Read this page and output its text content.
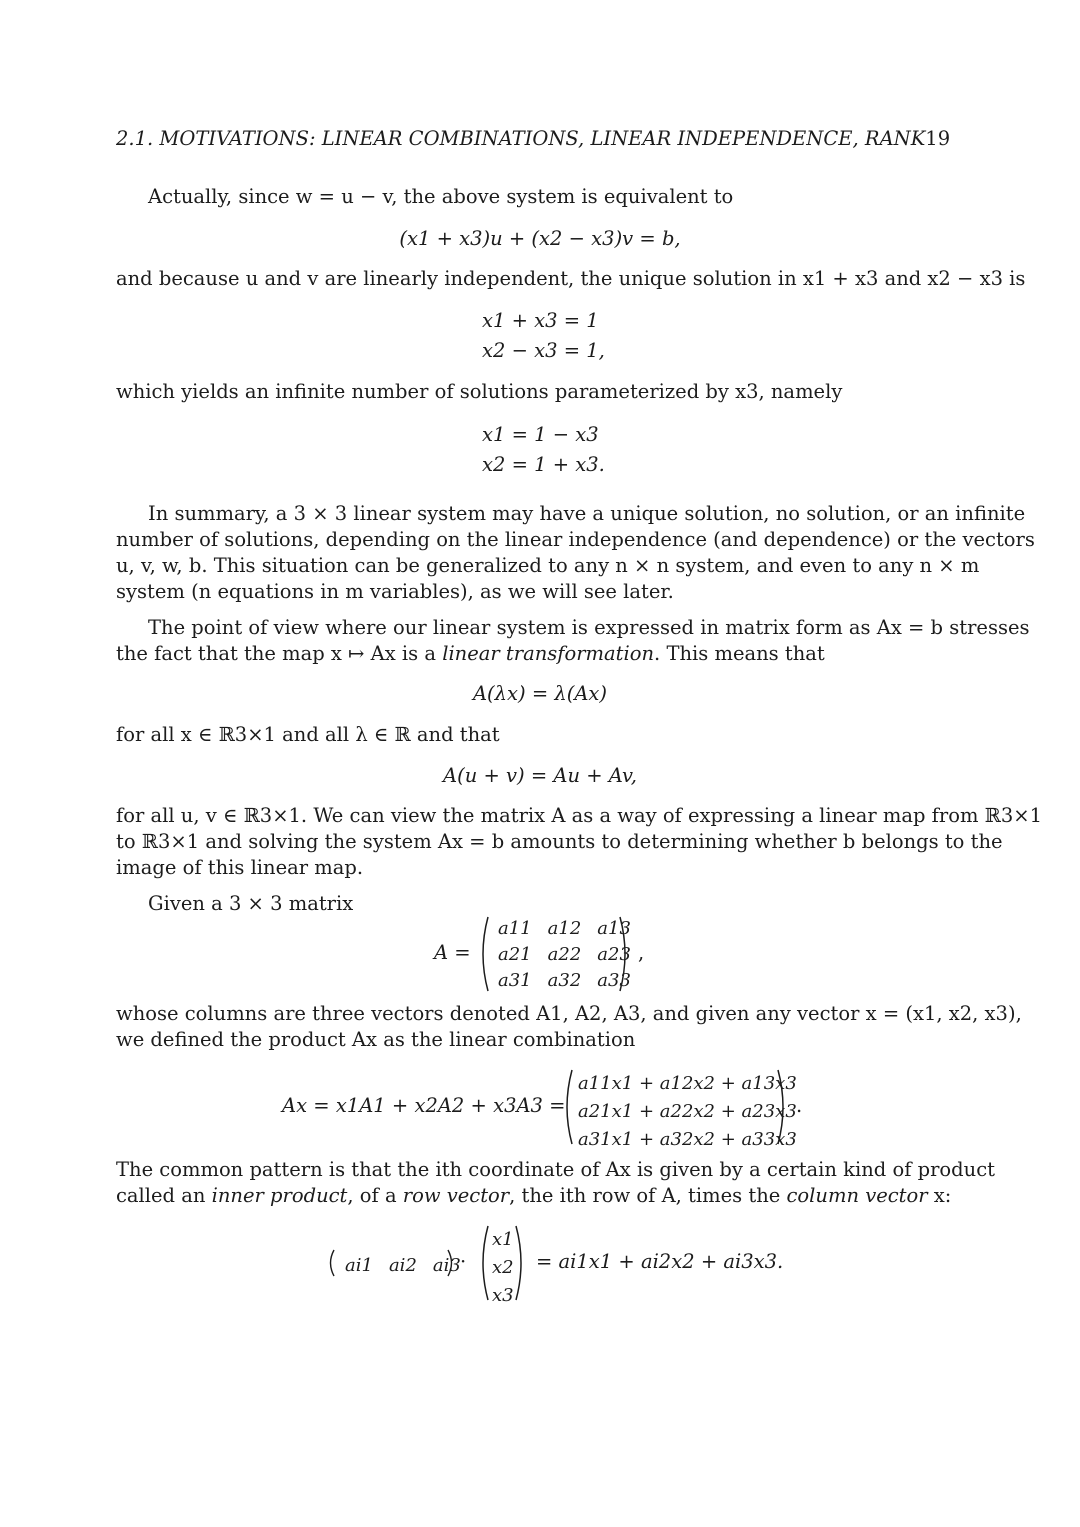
2.1. MOTIVATIONS: LINEAR COMBINATIONS, LINEAR INDEPENDENCE, RANK19
Actually, since w = u − v, the above system is equivalent to
(x1 + x3)u + (x2 − x3)v = b,
and because u and v are linearly independent, the unique solution in x1 + x3 and x2 − x3 is
x1 + x3 = 1
x2 − x3 = 1,
which yields an infinite number of solutions parameterized by x3, namely
x1 = 1 − x3
x2 = 1 + x3.
In summary, a 3 × 3 linear system may have a unique solution, no solution, or an infinite
number of solutions, depending on the linear independence (and dependence) or the vectors
u, v, w, b. This situation can be generalized to any n × n system, and even to any n × m
system (n equations in m variables), as we will see later.
The point of view where our linear system is expressed in matrix form as Ax = b stresses
the fact that the map x ↦ Ax is a linear transformation. This means that
A(λx) = λ(Ax)
for all x ∈ ℝ3×1 and all λ ∈ ℝ and that
A(u + v) = Au + Av,
for all u, v ∈ ℝ3×1. We can view the matrix A as a way of expressing a linear map from ℝ3×1
to ℝ3×1 and solving the system Ax = b amounts to determining whether b belongs to the
image of this linear map.
Given a 3 × 3 matrix
A =
a11	a12	a13
a21	a22	a23
a31	a32	a33
,
whose columns are three vectors denoted A1, A2, A3, and given any vector x = (x1, x2, x3),
we defined the product Ax as the linear combination
Ax = x1A1 + x2A2 + x3A3 =
a11x1 + a12x2 + a13x3
a21x1 + a22x2 + a23x3
a31x1 + a32x2 + a33x3
.
The common pattern is that the ith coordinate of Ax is given by a certain kind of product
called an inner product, of a row vector, the ith row of A, times the column vector x:
ai1	ai2	ai3 ·
x1
x2
x3
= ai1x1 + ai2x2 + ai3x3.
